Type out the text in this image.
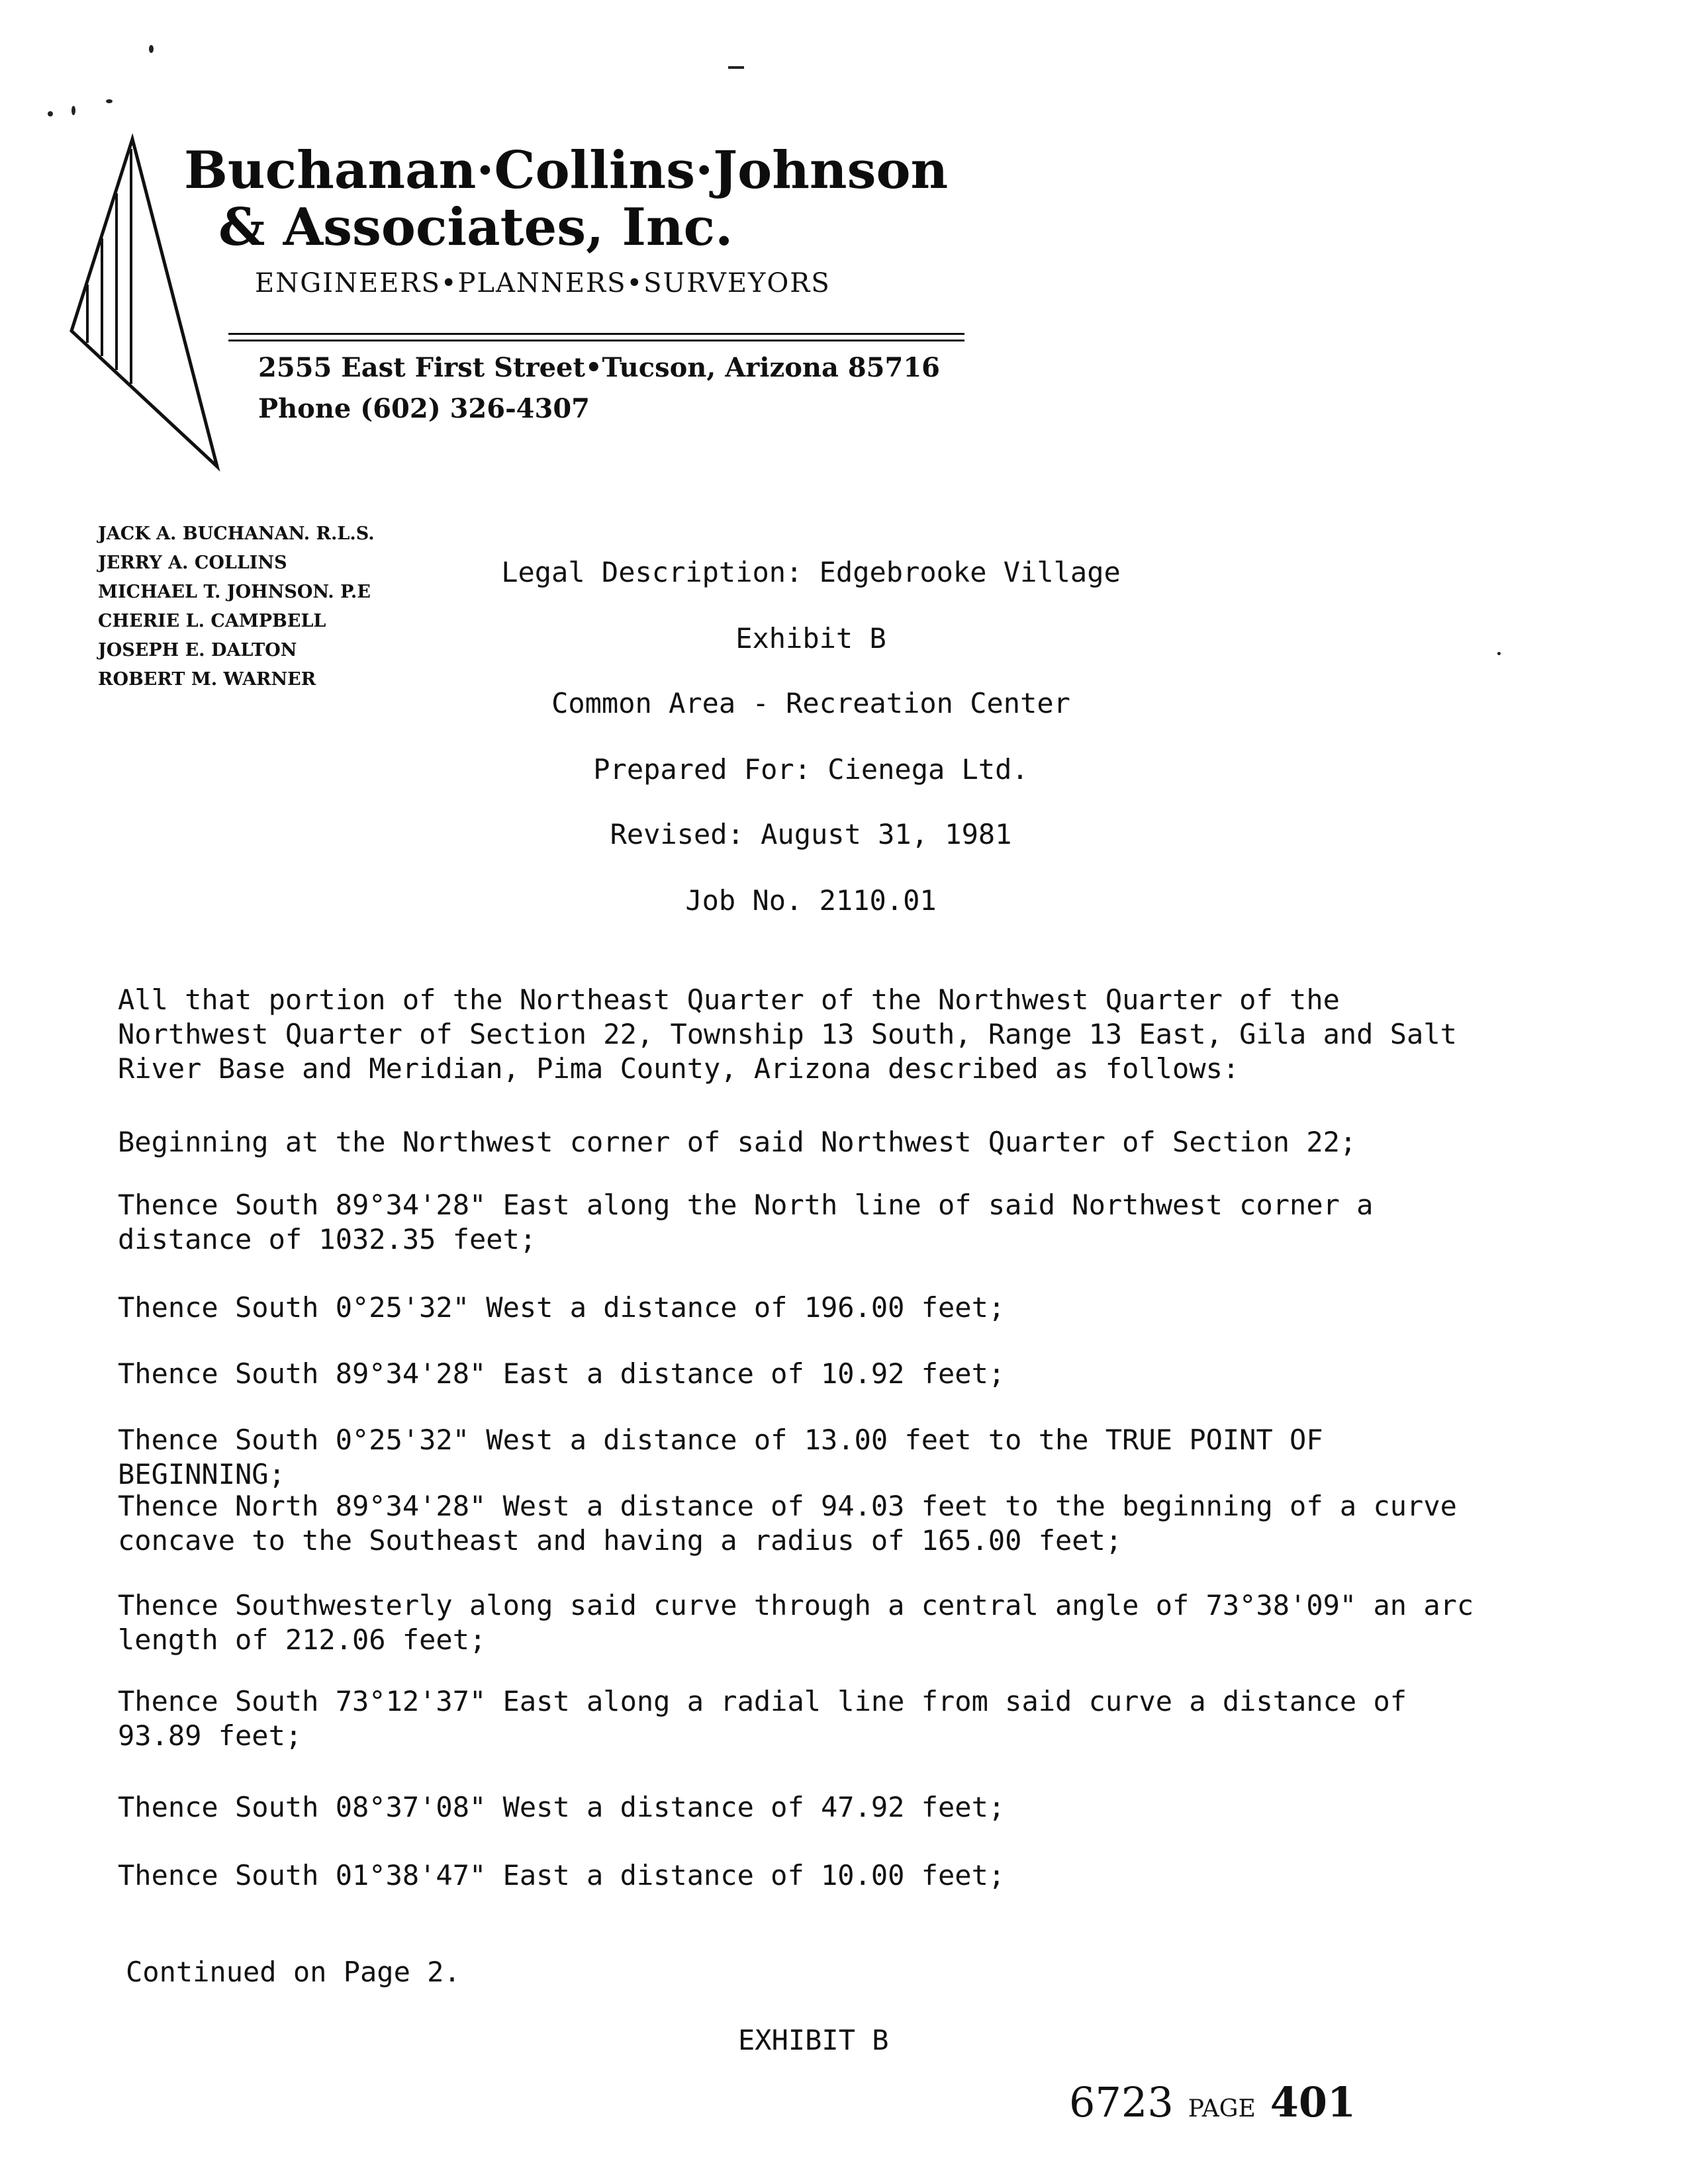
Buchanan·Collins·Johnson
& Associates, Inc.
ENGINEERS•PLANNERS•SURVEYORS
2555 East First Street•Tucson, Arizona 85716
Phone (602) 326-4307
JACK A. BUCHANAN. R.L.S.
JERRY A. COLLINS
MICHAEL T. JOHNSON. P.E
CHERIE L. CAMPBELL
JOSEPH E. DALTON
ROBERT M. WARNER
Legal Description: Edgebrooke Village
Exhibit B
Common Area - Recreation Center
Prepared For: Cienega Ltd.
Revised: August 31, 1981
Job No. 2110.01

All that portion of the Northeast Quarter of the Northwest Quarter of the Northwest Quarter of Section 22, Township 13 South, Range 13 East, Gila and Salt River Base and Meridian, Pima County, Arizona described as follows:

Beginning at the Northwest corner of said Northwest Quarter of Section 22;

Thence South 89°34'28" East along the North line of said Northwest corner a distance of 1032.35 feet;

Thence South 0°25'32" West a distance of 196.00 feet;

Thence South 89°34'28" East a distance of 10.92 feet;

Thence South 0°25'32" West a distance of 13.00 feet to the TRUE POINT OF BEGINNING;

Thence North 89°34'28" West a distance of 94.03 feet to the beginning of a curve concave to the Southeast and having a radius of 165.00 feet;

Thence Southwesterly along said curve through a central angle of 73°38'09" an arc length of 212.06 feet;

Thence South 73°12'37" East along a radial line from said curve a distance of 93.89 feet;

Thence South 08°37'08" West a distance of 47.92 feet;

Thence South 01°38'47" East a distance of 10.00 feet;

Continued on Page 2.
EXHIBIT B
6723 PAGE 401
